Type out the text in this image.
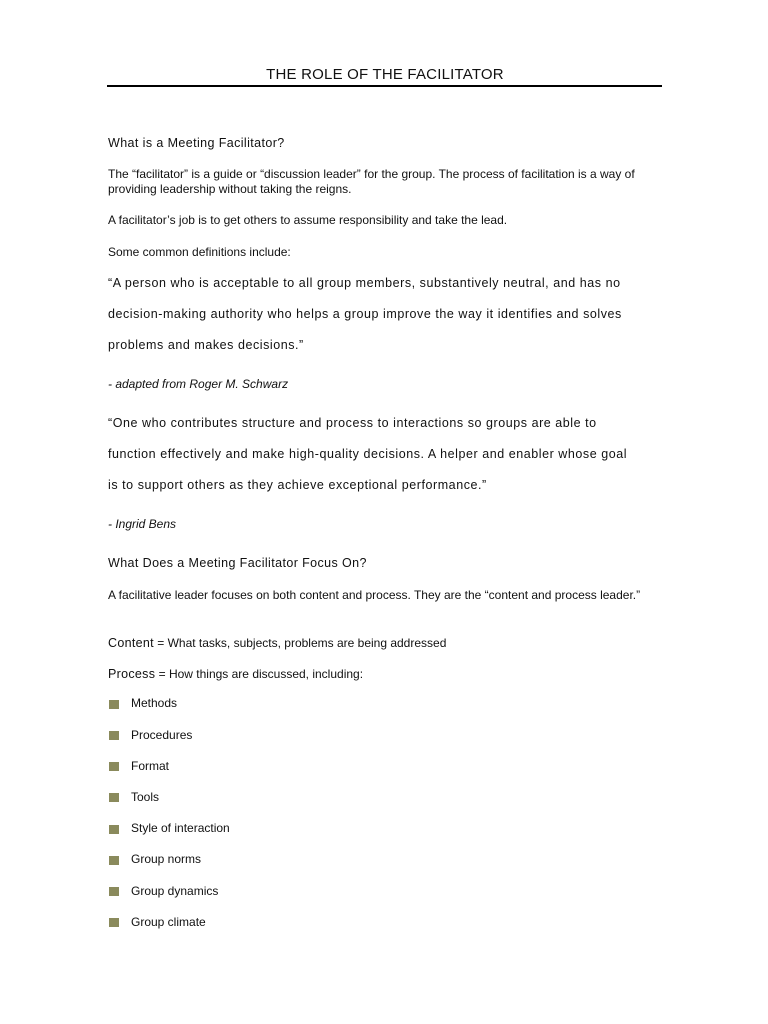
THE ROLE OF THE FACILITATOR

What is a Meeting Facilitator?

The “facilitator” is a guide or “discussion leader” for the group. The process of facilitation is a way of providing leadership without taking the reigns.

A facilitator’s job is to get others to assume responsibility and take the lead.

Some common definitions include:

“A person who is acceptable to all group members, substantively neutral, and has no

decision-making authority who helps a group improve the way it identifies and solves

problems and makes decisions.”

- adapted from Roger M. Schwarz

“One who contributes structure and process to interactions so groups are able to

function effectively and make high-quality decisions. A helper and enabler whose goal

is to support others as they achieve exceptional performance.”

- Ingrid Bens

What Does a Meeting Facilitator Focus On?

A facilitative leader focuses on both content and process. They are the “content and process leader.”

Content = What tasks, subjects, problems are being addressed

Process = How things are discussed, including:

Methods
Procedures
Format
Tools
Style of interaction
Group norms
Group dynamics
Group climate
